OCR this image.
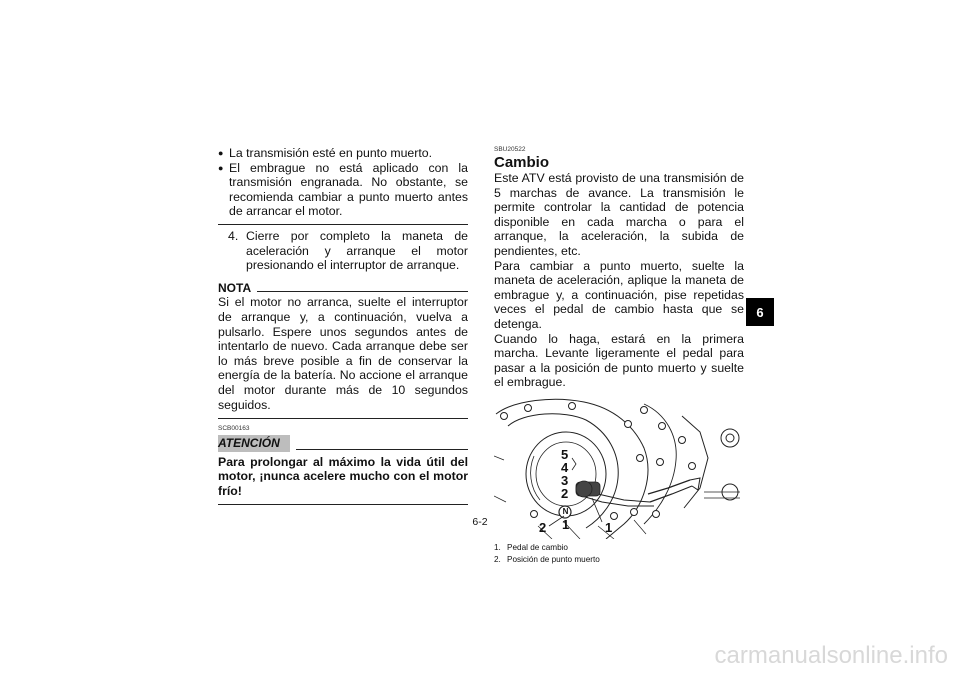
● La transmisión esté en punto muerto.
● El embrague no está aplicado con la transmisión engranada. No obstante, se recomienda cambiar a punto muerto antes de arrancar el motor.
4. Cierre por completo la maneta de aceleración y arranque el motor presionando el interruptor de arranque.
NOTA
Si el motor no arranca, suelte el interruptor de arranque y, a continuación, vuelva a pulsarlo. Espere unos segundos antes de intentarlo de nuevo. Cada arranque debe ser lo más breve posible a fin de conservar la energía de la batería. No accione el arranque del motor durante más de 10 segundos seguidos.
SCB00163
ATENCIÓN
Para prolongar al máximo la vida útil del motor, ¡nunca acelere mucho con el motor frío!
SBU20522
Cambio
Este ATV está provisto de una transmisión de 5 marchas de avance. La transmisión le permite controlar la cantidad de potencia disponible en cada marcha o para el arranque, la aceleración, la subida de pendientes, etc.
Para cambiar a punto muerto, suelte la maneta de aceleración, aplique la maneta de embrague y, a continuación, pise repetidas veces el pedal de cambio hasta que se detenga.
Cuando lo haga, estará en la primera marcha. Levante ligeramente el pedal para pasar a la posición de punto muerto y suelte el embrague.
5
4
3
2
N
1
2	1
1. Pedal de cambio
2. Posición de punto muerto
6
6-2
carmanualsonline.info
